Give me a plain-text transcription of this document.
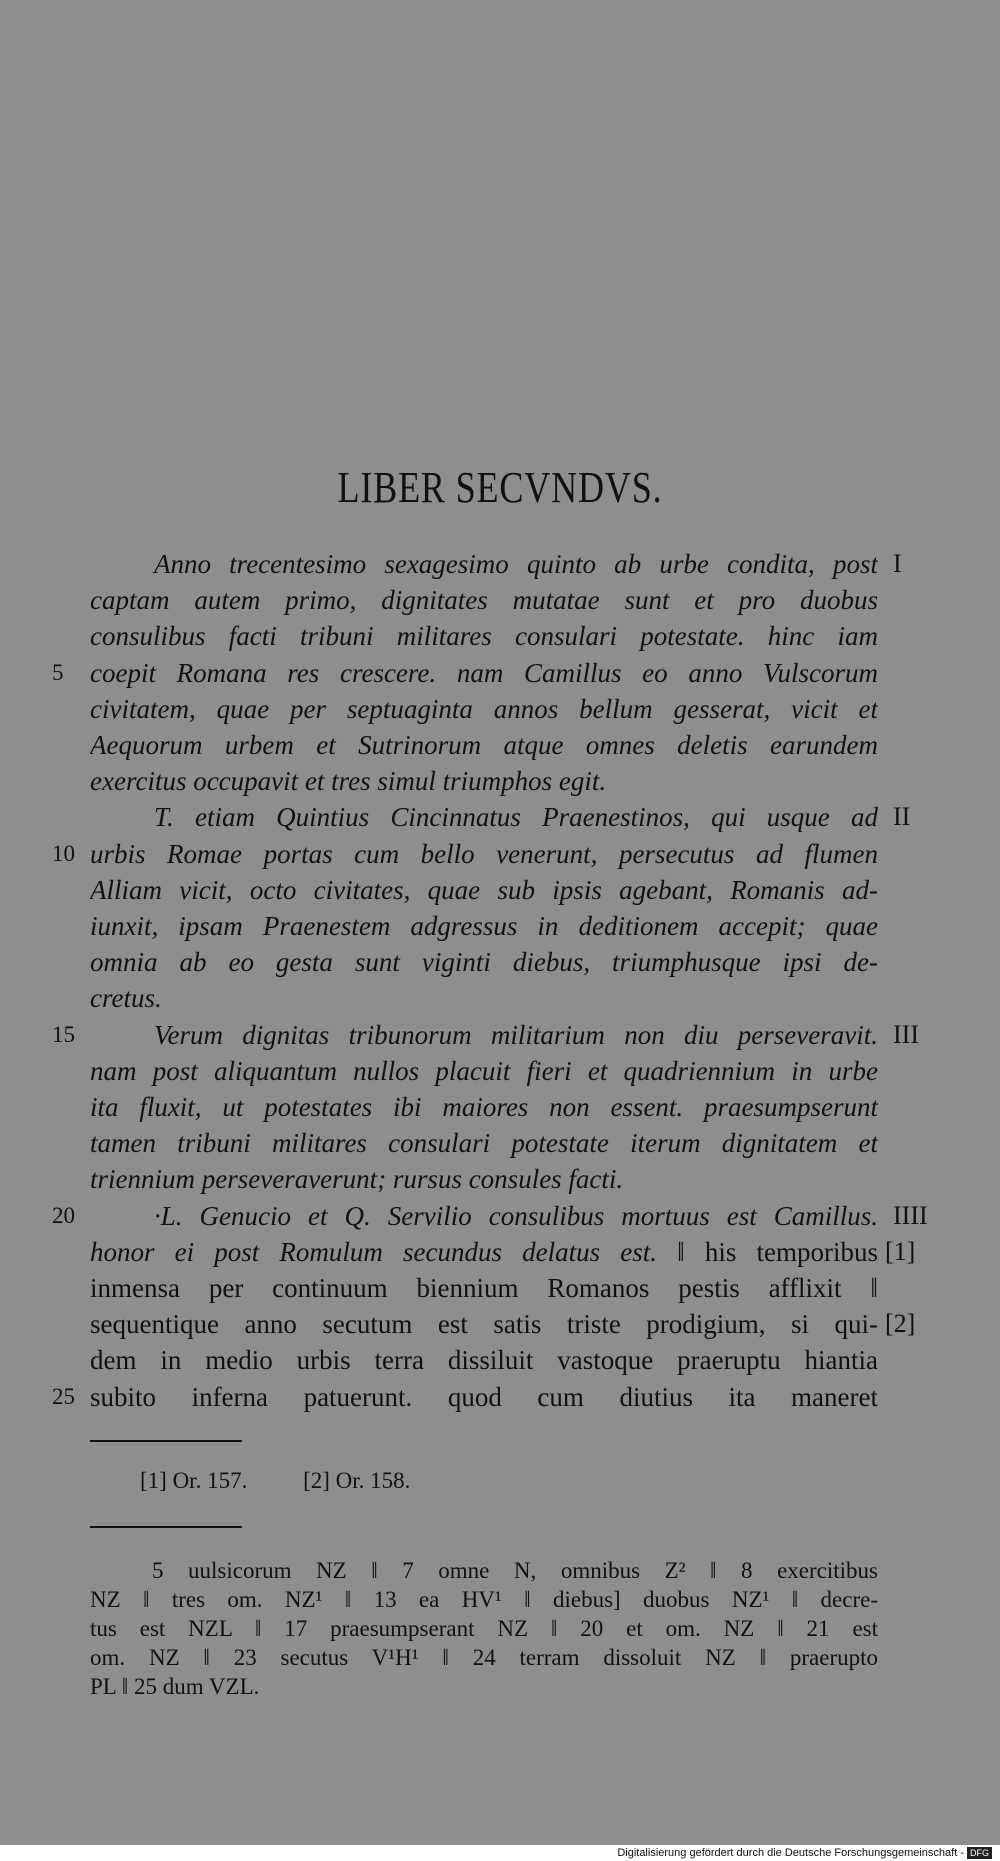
LIBER SECVNDVS.
Anno trecentesimo sexagesimo quinto ab urbe condita, post I
captam autem primo, dignitates mutatae sunt et pro duobus
consulibus facti tribuni militares consulari potestate. hinc iam
coepit Romana res crescere. nam Camillus eo anno Vulscorum
5
civitatem, quae per septuaginta annos bellum gesserat, vicit et
Aequorum urbem et Sutrinorum atque omnes deletis earundem
exercitus occupavit et tres simul triumphos egit.
T. etiam Quintius Cincinnatus Praenestinos, qui usque ad II
urbis Romae portas cum bello venerunt, persecutus ad flumen
10
Alliam vicit, octo civitates, quae sub ipsis agebant, Romanis ad-
iunxit, ipsam Praenestem adgressus in deditionem accepit; quae
omnia ab eo gesta sunt viginti diebus, triumphusque ipsi de-
cretus.
Verum dignitas tribunorum militarium non diu perseveravit.
15	III
nam post aliquantum nullos placuit fieri et quadriennium in urbe
ita fluxit, ut potestates ibi maiores non essent. praesumpserunt
tamen tribuni militares consulari potestate iterum dignitatem et
triennium perseveraverunt; rursus consules facti.
·L. Genucio et Q. Servilio consulibus mortuus est Camillus.
20	IIII
honor ei post Romulum secundus delatus est. ‖ his temporibus [1]
inmensa per continuum biennium Romanos pestis afflixit ‖
sequentique anno secutum est satis triste prodigium, si qui- [2]
dem in medio urbis terra dissiluit vastoque praeruptu hiantia
subito inferna patuerunt. quod cum diutius ita maneret
25
[1] Or. 157. [2] Or. 158.
5 uulsicorum NZ ‖ 7 omne N, omnibus Z² ‖ 8 exercitibus
NZ ‖ tres om. NZ¹ ‖ 13 ea HV¹ ‖ diebus] duobus NZ¹ ‖ decre-
tus est NZL ‖ 17 praesumpserant NZ ‖ 20 et om. NZ ‖ 21 est
om. NZ ‖ 23 secutus V¹H¹ ‖ 24 terram dissoluit NZ ‖ praerupto
PL ‖ 25 dum VZL.
Digitalisierung gefördert durch die Deutsche Forschungsgemeinschaft - DFG
